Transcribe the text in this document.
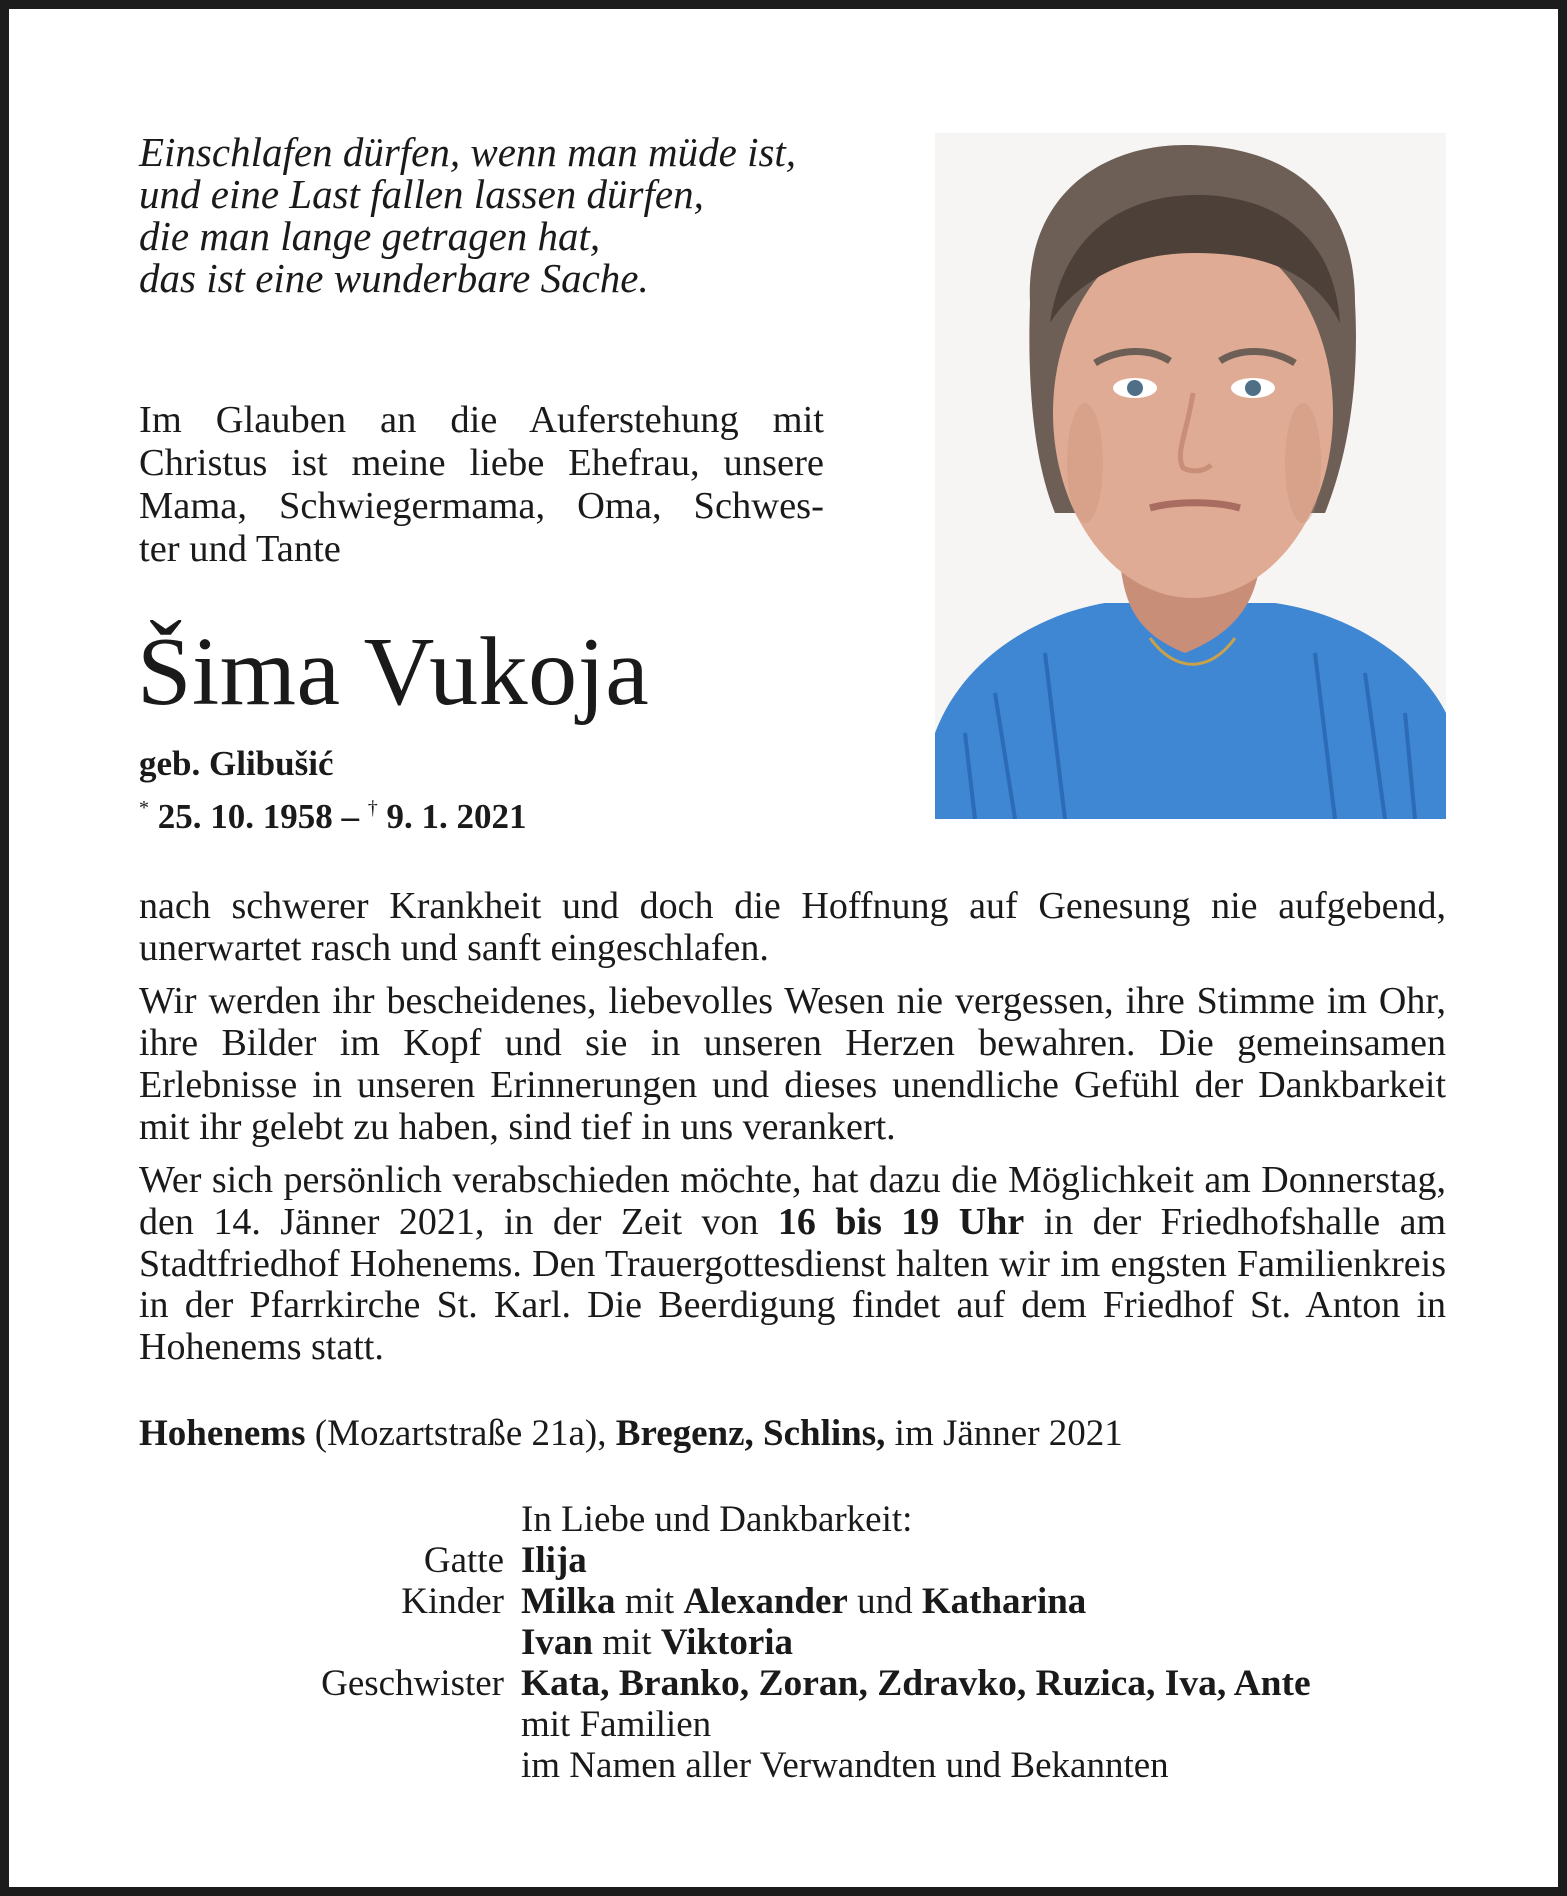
Einschlafen dürfen, wenn man müde ist,
und eine Last fallen lassen dürfen,
die man lange getragen hat,
das ist eine wunderbare Sache.
Im Glauben an die Auferstehung mit
Christus ist meine liebe Ehefrau, unsere
Mama, Schwiegermama, Oma, Schwes-
ter und Tante
Šima Vukoja
geb. Glibušić
* 25. 10. 1958 – † 9. 1. 2021

nach schwerer Krankheit und doch die Hoffnung auf Genesung nie aufgebend, unerwartet rasch und sanft eingeschlafen.

Wir werden ihr bescheidenes, liebevolles Wesen nie vergessen, ihre Stimme im Ohr, ihre Bilder im Kopf und sie in unseren Herzen bewahren. Die gemeinsamen Erlebnisse in unseren Erinnerungen und dieses unendliche Gefühl der Dankbarkeit mit ihr gelebt zu haben, sind tief in uns verankert.

Wer sich persönlich verabschieden möchte, hat dazu die Möglichkeit am Donnerstag, den 14. Jänner 2021, in der Zeit von 16 bis 19 Uhr in der Friedhofshalle am Stadtfriedhof Hohenems. Den Trauergottesdienst halten wir im engsten Familienkreis in der Pfarrkirche St. Karl. Die Beerdigung findet auf dem Friedhof St. Anton in Hohenems statt.

Hohenems (Mozartstraße 21a), Bregenz, Schlins, im Jänner 2021
In Liebe und Dankbarkeit:
Gatte Ilija
Kinder Milka mit Alexander und Katharina
Ivan mit Viktoria
Geschwister Kata, Branko, Zoran, Zdravko, Ruzica, Iva, Ante
mit Familien
im Namen aller Verwandten und Bekannten
